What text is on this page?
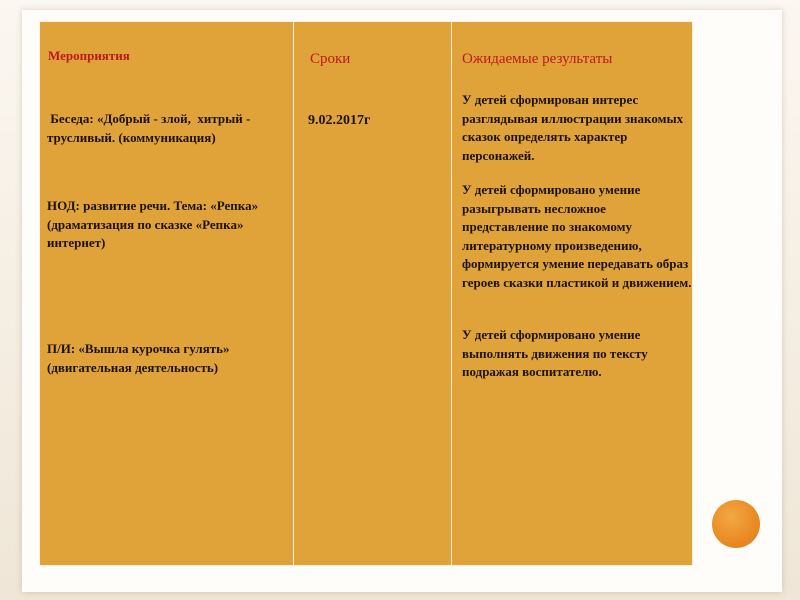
Мероприятия
Беседа: «Добрый - злой,  хитрый - трусливый. (коммуникация)
НОД: развитие речи. Тема: «Репка» (драматизация по сказке «Репка» интернет)
П/И: «Вышла курочка гулять» (двигательная деятельность)
Сроки
9.02.2017г
Ожидаемые результаты
У детей сформирован интерес разглядывая иллюстрации знакомых сказок определять характер персонажей.
У детей сформировано умение разыгрывать несложное представление по знакомому литературному произведению, формируется умение передавать образ героев сказки пластикой и движением.
У детей сформировано умение выполнять движения по тексту подражая воспитателю.
